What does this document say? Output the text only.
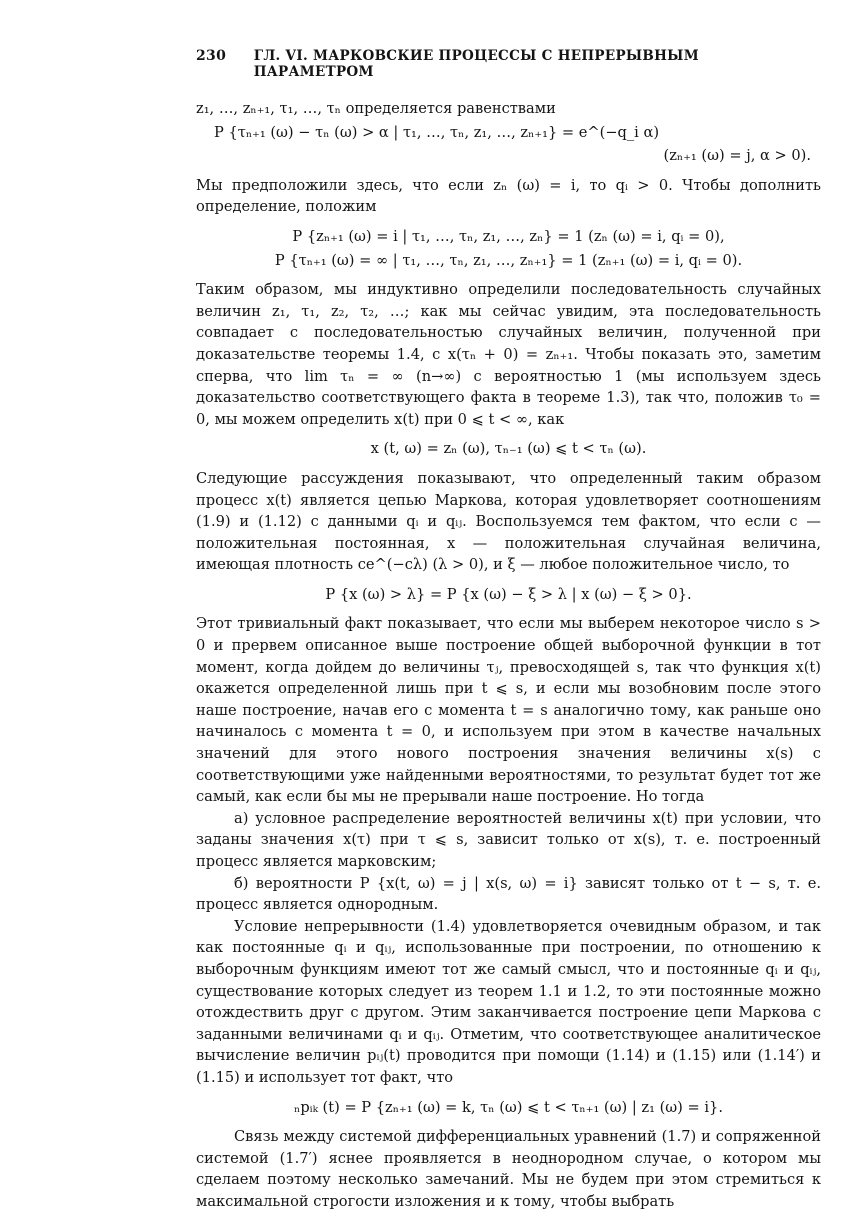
230	ГЛ. VI. МАРКОВСКИЕ ПРОЦЕССЫ С НЕПРЕРЫВНЫМ ПАРАМЕТРОМ
z₁, …, zₙ₊₁, τ₁, …, τₙ определяется равенствами
P {τₙ₊₁ (ω) − τₙ (ω) > α | τ₁, …, τₙ, z₁, …, zₙ₊₁} = e^(−q_i α)
(zₙ₊₁ (ω) = j, α > 0).

Мы предположили здесь, что если zₙ (ω) = i, то qᵢ > 0. Чтобы дополнить определение, положим

P {zₙ₊₁ (ω) = i | τ₁, …, τₙ, z₁, …, zₙ} = 1 (zₙ (ω) = i, qᵢ = 0),
P {τₙ₊₁ (ω) = ∞ | τ₁, …, τₙ, z₁, …, zₙ₊₁} = 1 (zₙ₊₁ (ω) = i, qᵢ = 0).

Таким образом, мы индуктивно определили последовательность случайных величин z₁, τ₁, z₂, τ₂, …; как мы сейчас увидим, эта последовательность совпадает с последовательностью случайных величин, полученной при доказательстве теоремы 1.4, с x(τₙ + 0) = zₙ₊₁. Чтобы показать это, заметим сперва, что lim τₙ = ∞ (n→∞) с вероятностью 1 (мы используем здесь доказательство соответствующего факта в теореме 1.3), так что, положив τ₀ = 0, мы можем определить x(t) при 0 ⩽ t < ∞, как

x (t, ω) = zₙ (ω), τₙ₋₁ (ω) ⩽ t < τₙ (ω).

Следующие рассуждения показывают, что определенный таким образом процесс x(t) является цепью Маркова, которая удовлетворяет соотношениям (1.9) и (1.12) с данными qᵢ и qᵢⱼ. Воспользуемся тем фактом, что если c — положительная постоянная, x — положительная случайная величина, имеющая плотность ce^(−cλ) (λ > 0), и ξ — любое положительное число, то

P {x (ω) > λ} = P {x (ω) − ξ > λ | x (ω) − ξ > 0}.

Этот тривиальный факт показывает, что если мы выберем некоторое число s > 0 и прервем описанное выше построение общей выборочной функции в тот момент, когда дойдем до величины τⱼ, превосходящей s, так что функция x(t) окажется определенной лишь при t ⩽ s, и если мы возобновим после этого наше построение, начав его с момента t = s аналогично тому, как раньше оно начиналось с момента t = 0, и используем при этом в качестве начальных значений для этого нового построения значения величины x(s) с соответствующими уже найденными вероятностями, то результат будет тот же самый, как если бы мы не прерывали наше построение. Но тогда

а) условное распределение вероятностей величины x(t) при условии, что заданы значения x(τ) при τ ⩽ s, зависит только от x(s), т. е. построенный процесс является марковским;

б) вероятности P {x(t, ω) = j | x(s, ω) = i} зависят только от t − s, т. е. процесс является однородным.

Условие непрерывности (1.4) удовлетворяется очевидным образом, и так как постоянные qᵢ и qᵢⱼ, использованные при построении, по отношению к выборочным функциям имеют тот же самый смысл, что и постоянные qᵢ и qᵢⱼ, существование которых следует из теорем 1.1 и 1.2, то эти постоянные можно отождествить друг с другом. Этим заканчивается построение цепи Маркова с заданными величинами qᵢ и qᵢⱼ. Отметим, что соответствующее аналитическое вычисление величин pᵢⱼ(t) проводится при помощи (1.14) и (1.15) или (1.14′) и (1.15) и использует тот факт, что

ₙpᵢₖ (t) = P {zₙ₊₁ (ω) = k, τₙ (ω) ⩽ t < τₙ₊₁ (ω) | z₁ (ω) = i}.

Связь между системой дифференциальных уравнений (1.7) и сопряженной системой (1.7′) яснее проявляется в неоднородном случае, о котором мы сделаем поэтому несколько замечаний. Мы не будем при этом стремиться к максимальной строгости изложения и к тому, чтобы выбрать
